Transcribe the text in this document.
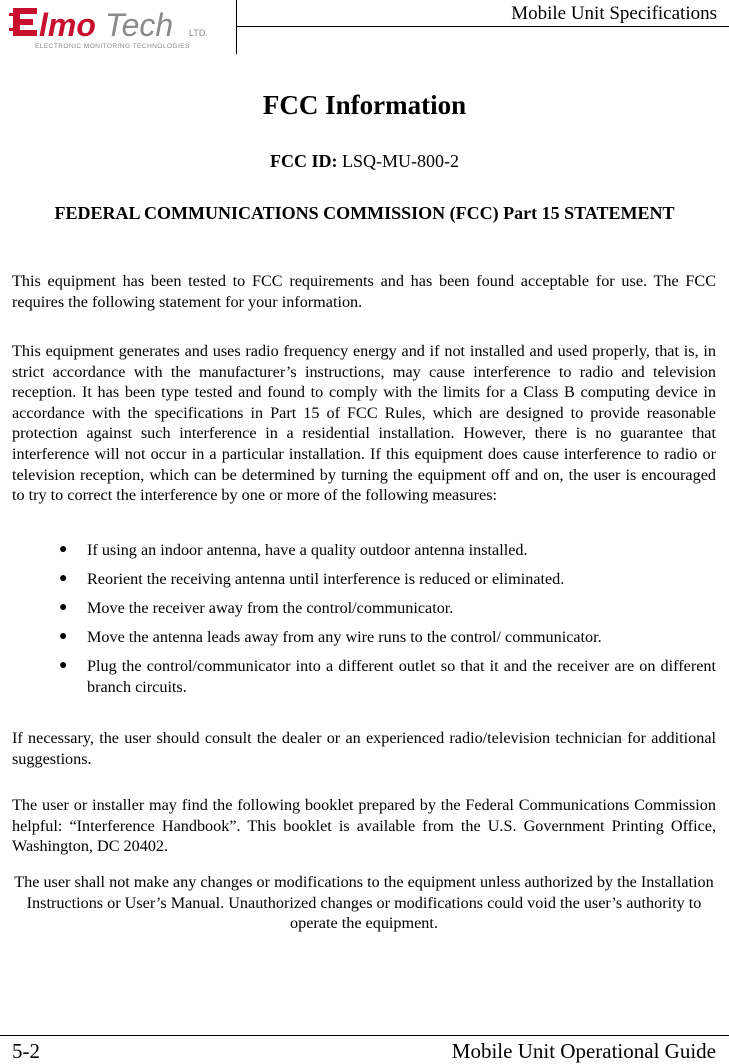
lmo Tech LTD.
ELECTRONIC MONITORING TECHNOLOGIES
Mobile Unit Specifications
FCC Information
FCC ID: LSQ-MU-800-2
FEDERAL COMMUNICATIONS COMMISSION (FCC) Part 15 STATEMENT
This equipment has been tested to FCC requirements and has been found acceptable for use. The FCC requires the following statement for your information.
This equipment generates and uses radio frequency energy and if not installed and used properly, that is, in strict accordance with the manufacturer’s instructions, may cause interference to radio and television reception. It has been type tested and found to comply with the limits for a Class B computing device in accordance with the specifications in Part 15 of FCC Rules, which are designed to provide reasonable protection against such interference in a residential installation. However, there is no guarantee that interference will not occur in a particular installation. If this equipment does cause interference to radio or television reception, which can be determined by turning the equipment off and on, the user is encouraged to try to correct the interference by one or more of the following measures:
● If using an indoor antenna, have a quality outdoor antenna installed.
● Reorient the receiving antenna until interference is reduced or eliminated.
● Move the receiver away from the control/communicator.
● Move the antenna leads away from any wire runs to the control/ communicator.
● Plug the control/communicator into a different outlet so that it and the receiver are on different branch circuits.
If necessary, the user should consult the dealer or an experienced radio/television technician for additional suggestions.
The user or installer may find the following booklet prepared by the Federal Communications Commission helpful: “Interference Handbook”. This booklet is available from the U.S. Government Printing Office, Washington, DC 20402.
The user shall not make any changes or modifications to the equipment unless authorized by the Installation Instructions or User’s Manual. Unauthorized changes or modifications could void the user’s authority to operate the equipment.
5-2	Mobile Unit Operational Guide
